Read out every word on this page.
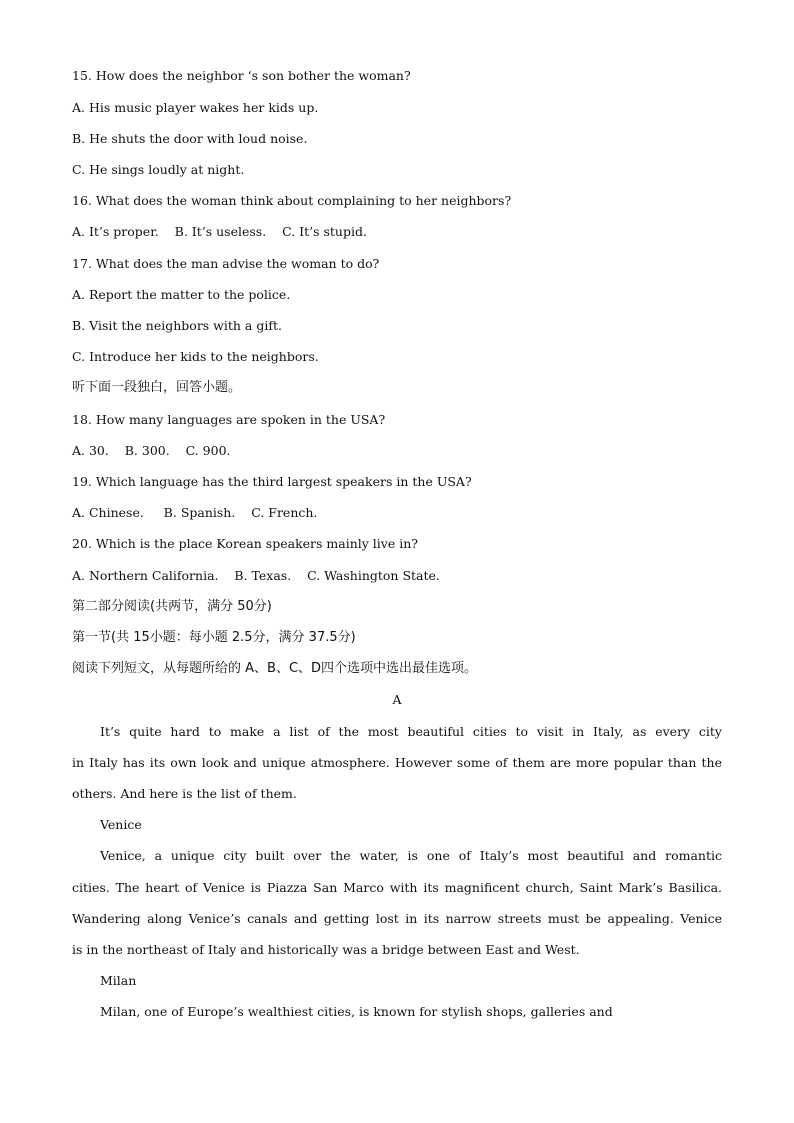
15. How does the neighbor ‘s son bother the woman?
A. His music player wakes her kids up.
B. He shuts the door with loud noise.
C. He sings loudly at night.
16. What does the woman think about complaining to her neighbors?
A. It’s proper.    B. It’s useless.    C. It’s stupid.
17. What does the man advise the woman to do?
A. Report the matter to the police.
B. Visit the neighbors with a gift.
C. Introduce her kids to the neighbors.
听下面一段独白，回答小题。
18. How many languages are spoken in the USA?
A. 30.    B. 300.    C. 900.
19. Which language has the third largest speakers in the USA?
A. Chinese.     B. Spanish.    C. French.
20. Which is the place Korean speakers mainly live in?
A. Northern California.    B. Texas.    C. Washington State.
第二部分阅读(共两节，满分 50分)
第一节(共 15小题：每小题 2.5分，满分 37.5分)
阅读下列短文，从每题所给的 A、B、C、D四个选项中选出最佳选项。
A
It’s quite hard to make a list of the most beautiful cities to visit in Italy, as every city
in Italy has its own look and unique atmosphere. However some of them are more popular than the
others. And here is the list of them.
Venice
Venice, a unique city built over the water, is one of Italy’s most beautiful and romantic
cities. The heart of Venice is Piazza San Marco with its magnificent church, Saint Mark’s Basilica.
Wandering along Venice’s canals and getting lost in its narrow streets must be appealing. Venice
is in the northeast of Italy and historically was a bridge between East and West.
Milan
Milan, one of Europe’s wealthiest cities, is known for stylish shops, galleries and
